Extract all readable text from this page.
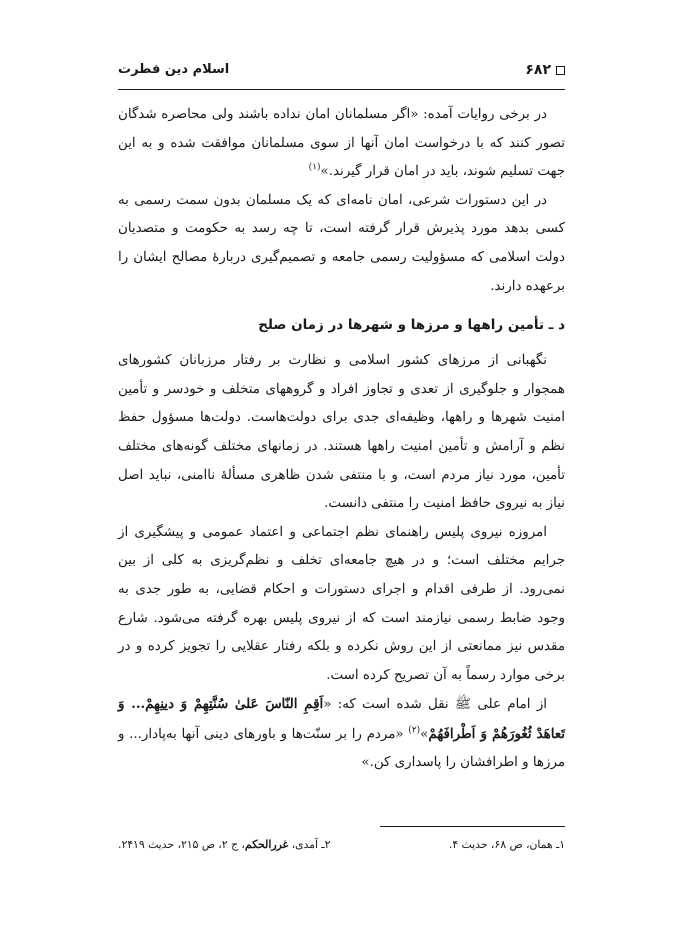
۶۸۲
اسلام دین فطرت

در برخی روایات آمده: «اگر مسلمانان امان نداده باشند ولی محاصره شدگان تصور کنند که با درخواست امان آنها از سوی مسلمانان موافقت شده و به این جهت تسلیم شوند، باید در امان قرار گیرند.»$^{(۱)}$

در این دستورات شرعی، امان نامه‌ای که یک مسلمان بدون سمت رسمی به کسی بدهد مورد پذیرش قرار گرفته است، تا چه رسد به حکومت و متصدیان دولت اسلامی که مسؤولیت رسمی جامعه و تصمیم‌گیری دربارهٔ مصالح ایشان را برعهده دارند.

د ـ تأمین راهها و مرزها و شهرها در زمان صلح

نگهبانی از مرزهای کشور اسلامی و نظارت بر رفتار مرزبانان کشورهای همجوار و جلوگیری از تعدی و تجاوز افراد و گروههای متخلف و خودسر و تأمین امنیت شهرها و راهها، وظیفه‌ای جدی برای دولت‌هاست. دولت‌ها مسؤول حفظ نظم و آرامش و تأمین امنیت راهها هستند. در زمانهای مختلف گونه‌های مختلف تأمین، مورد نیاز مردم است، و با منتفی شدن ظاهری مسألهٔ ناامنی، نباید اصل نیاز به نیروی حافظ امنیت را منتفی دانست.

امروزه نیروی پلیس راهنمای نظم اجتماعی و اعتماد عمومی و پیشگیری از جرایم مختلف است؛ و در هیچ جامعه‌ای تخلف و نظم‌گریزی به کلی از بین نمی‌رود. از طرفی اقدام و اجرای دستورات و احکام قضایی، به طور جدی به وجود ضابط رسمی نیازمند است که از نیروی پلیس بهره گرفته می‌شود. شارع مقدس نیز ممانعتی از این روش نکرده و بلکه رفتار عقلایی را تجویز کرده و در برخی موارد رسماً به آن تصریح کرده است.

از امام علی ﷺ نقل شده است که: «اَقِمِ النّاسَ عَلیٰ سُنَّتِهِمْ وَ دینِهِمْ... وَ تَعاهَدْ ثُغُورَهُمْ وَ اَطْرافَهُمْ»$^{(۲)}$ «مردم را بر سنّت‌ها و باورهای دینی آنها به‌پادار... و مرزها و اطرافشان را پاسداری کن.»

۱ـ همان، ص ۶۸، حدیث ۴.
۲ـ آمدی، غررالحکم، ج ۲، ص ۲۱۵، حدیث ۲۴۱۹.
